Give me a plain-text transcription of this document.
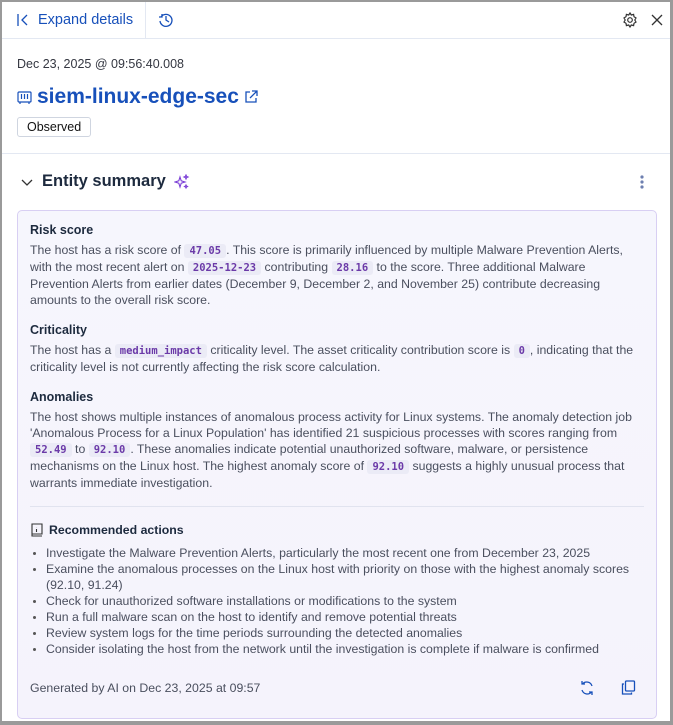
Expand details
Dec 23, 2025 @ 09:56:40.008
siem-linux-edge-sec
Observed
Entity summary
Risk score

The host has a risk score of 47.05 . This score is primarily influenced by multiple Malware Prevention Alerts, with the most recent alert on 2025-12-23 contributing 28.16 to the score. Three additional Malware Prevention Alerts from earlier dates (December 9, December 2, and November 25) contribute decreasing amounts to the overall risk score.

Criticality

The host has a medium_impact criticality level. The asset criticality contribution score is 0 , indicating that the criticality level is not currently affecting the risk score calculation.

Anomalies

The host shows multiple instances of anomalous process activity for Linux systems. The anomaly detection job 'Anomalous Process for a Linux Population' has identified 21 suspicious processes with scores ranging from 52.49 to 92.10 . These anomalies indicate potential unauthorized software, malware, or persistence mechanisms on the Linux host. The highest anomaly score of 92.10 suggests a highly unusual process that warrants immediate investigation.

Recommended actions
Investigate the Malware Prevention Alerts, particularly the most recent one from December 23, 2025
Examine the anomalous processes on the Linux host with priority on those with the highest anomaly scores (92.10, 91.24)
Check for unauthorized software installations or modifications to the system
Run a full malware scan on the host to identify and remove potential threats
Review system logs for the time periods surrounding the detected anomalies
Consider isolating the host from the network until the investigation is complete if malware is confirmed
Generated by AI on Dec 23, 2025 at 09:57
